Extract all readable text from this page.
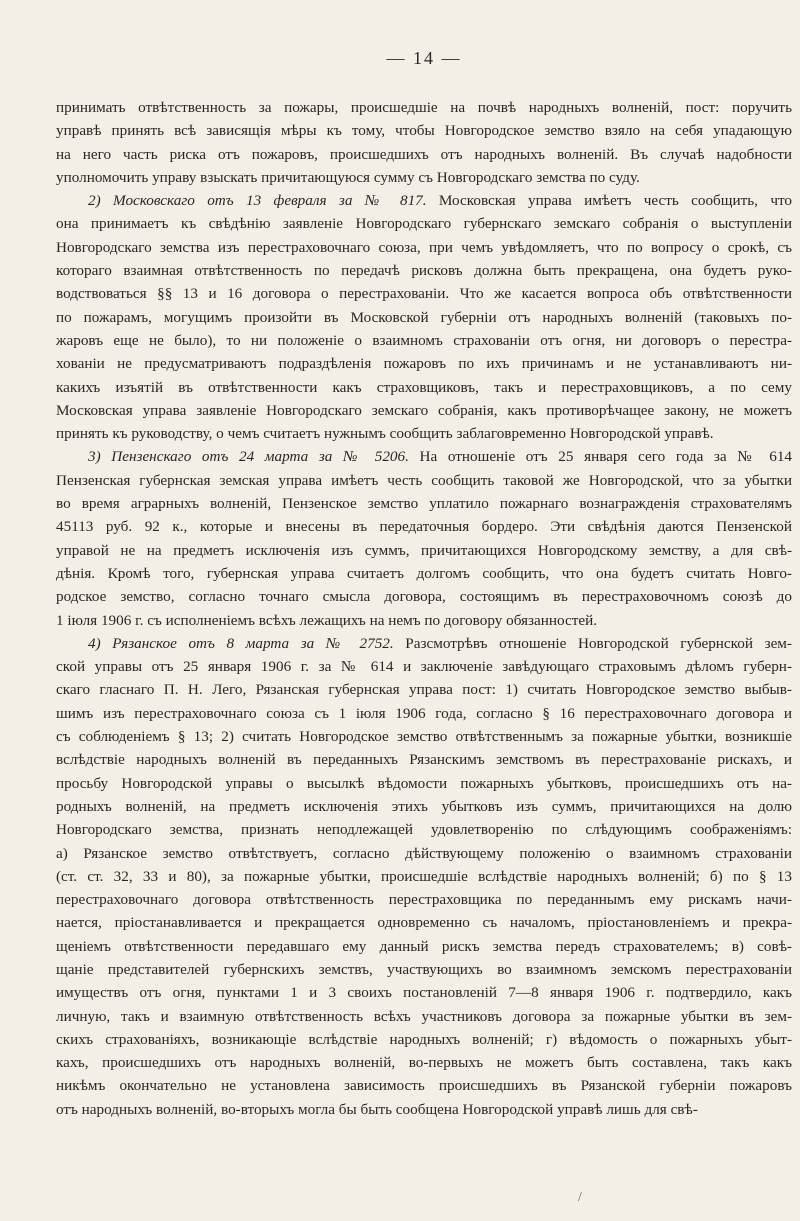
— 14 —
принимать отвѣтственность за пожары, происшедшіе на почвѣ народныхъ волненій, пост: поручить
управѣ принять всѣ зависящія мѣры къ тому, чтобы Новгородское земство взяло на себя упадающую
на него часть риска отъ пожаровъ, происшедшихъ отъ народныхъ волненій. Въ случаѣ надобности
уполномочить управу взыскать причитающуюся сумму съ Новгородскаго земства по суду.
2) Московскаго отъ 13 февраля за № 817. Московская управа имѣетъ честь сообщить, что
она принимаетъ къ свѣдѣнію заявленіе Новгородскаго губернскаго земскаго собранія о выступленіи
Новгородскаго земства изъ перестраховочнаго союза, при чемъ увѣдомляетъ, что по вопросу о срокѣ, съ
котораго взаимная отвѣтственность по передачѣ рисковъ должна быть прекращена, она будетъ руко-
водствоваться §§ 13 и 16 договора о перестрахованіи. Что же касается вопроса объ отвѣтственности
по пожарамъ, могущимъ произойти въ Московской губерніи отъ народныхъ волненій (таковыхъ по-
жаровъ еще не было), то ни положеніе о взаимномъ страхованіи отъ огня, ни договоръ о перестра-
хованіи не предусматриваютъ подраздѣленія пожаровъ по ихъ причинамъ и не устанавливаютъ ни-
какихъ изъятій въ отвѣтственности какъ страховщиковъ, такъ и перестраховщиковъ, а по сему
Московская управа заявленіе Новгородскаго земскаго собранія, какъ противорѣчащее закону, не можетъ
принять къ руководству, о чемъ считаетъ нужнымъ сообщить заблаговременно Новгородской управѣ.
3) Пензенскаго отъ 24 марта за № 5206. На отношеніе отъ 25 января сего года за № 614
Пензенская губернская земская управа имѣетъ честь сообщить таковой же Новгородской, что за убытки
во время аграрныхъ волненій, Пензенское земство уплатило пожарнаго вознагражденія страхователямъ
45113 руб. 92 к., которые и внесены въ передаточныя бордеро. Эти свѣдѣнія даются Пензенской
управой не на предметъ исключенія изъ суммъ, причитающихся Новгородскому земству, а для свѣ-
дѣнія. Кромѣ того, губернская управа считаетъ долгомъ сообщить, что она будетъ считать Новго-
родское земство, согласно точнаго смысла договора, состоящимъ въ перестраховочномъ союзѣ до
1 іюля 1906 г. съ исполненіемъ всѣхъ лежащихъ на немъ по договору обязанностей.
4) Рязанское отъ 8 марта за № 2752. Разсмотрѣвъ отношеніе Новгородской губернской зем-
ской управы отъ 25 января 1906 г. за № 614 и заключеніе завѣдующаго страховымъ дѣломъ губерн-
скаго гласнаго П. Н. Лего, Рязанская губернская управа пост: 1) считать Новгородское земство выбыв-
шимъ изъ перестраховочнаго союза съ 1 іюля 1906 года, согласно § 16 перестраховочнаго договора и
съ соблюденіемъ § 13; 2) считать Новгородское земство отвѣтственнымъ за пожарные убытки, возникшіе
вслѣдствіе народныхъ волненій въ переданныхъ Рязанскимъ земствомъ въ перестрахованіе рискахъ, и
просьбу Новгородской управы о высылкѣ вѣдомости пожарныхъ убытковъ, происшедшихъ отъ на-
родныхъ волненій, на предметъ исключенія этихъ убытковъ изъ суммъ, причитающихся на долю
Новгородскаго земства, признать неподлежащей удовлетворенію по слѣдующимъ соображеніямъ:
а) Рязанское земство отвѣтствуетъ, согласно дѣйствующему положенію о взаимномъ страхованіи
(ст. ст. 32, 33 и 80), за пожарные убытки, происшедшіе вслѣдствіе народныхъ волненій; б) по § 13
перестраховочнаго договора отвѣтственность перестраховщика по переданнымъ ему рискамъ начи-
нается, пріостанавливается и прекращается одновременно съ началомъ, пріостановленіемъ и прекра-
щеніемъ отвѣтственности передавшаго ему данный рискъ земства передъ страхователемъ; в) совѣ-
щаніе представителей губернскихъ земствъ, участвующихъ во взаимномъ земскомъ перестрахованіи
имуществъ отъ огня, пунктами 1 и 3 своихъ постановленій 7—8 января 1906 г. подтвердило, какъ
личную, такъ и взаимную отвѣтственность всѣхъ участниковъ договора за пожарные убытки въ зем-
скихъ страхованіяхъ, возникающіе вслѣдствіе народныхъ волненій; г) вѣдомость о пожарныхъ убыт-
кахъ, происшедшихъ отъ народныхъ волненій, во-первыхъ не можетъ быть составлена, такъ какъ
никѣмъ окончательно не установлена зависимость происшедшихъ въ Рязанской губерніи пожаровъ
отъ народныхъ волненій, во-вторыхъ могла бы быть сообщена Новгородской управѣ лишь для свѣ-
/
